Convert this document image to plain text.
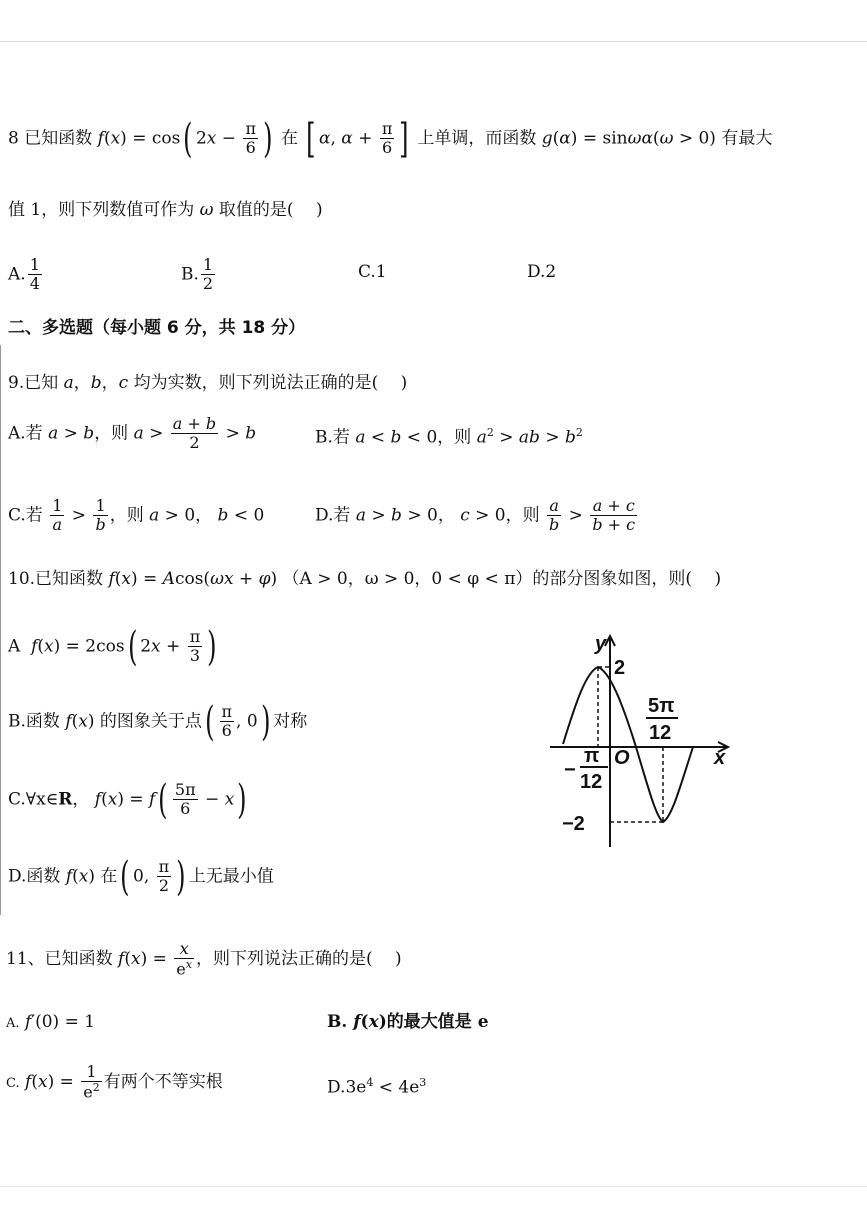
8 已知函数 f(x) = cos( $2x - \frac{\pi}{6}$ ) 在 [ α, $\alpha + \frac{\pi}{6}$ ] 上单调，而函数 g(α) = sinωα(ω > 0) 有最大
值 1，则下列数值可作为 ω 取值的是(　 )
A. $\frac{1}{4}$	B. $\frac{1}{2}$	C.1	D.2
二、多选题（每小题 6 分，共 18 分）
9.已知 a，b，c 均为实数，则下列说法正确的是(　 )
A.若 a > b，则 $a > \frac{a + b}{2} > b$	B.若 a < b < 0，则 $a^2$ > ab > $b^2$
C.若 $\frac{1}{a} > \frac{1}{b}$ ，则 a > 0， b < 0	D.若 a > b > 0， c > 0，则 $\frac{a}{b} > \frac{a + c}{b + c}$
10.已知函数 f(x) = Acos(ωx + φ) （A > 0，ω > 0，0 < φ < π）的部分图象如图，则(　 )
A f(x) = 2cos( $2x + \frac{\pi}{3}$ )
B.函数 f(x) 的图象关于点( $\frac{\pi}{6}$ , 0) 对称
C.∀x∈R， $f(x) = f( \frac{5\pi}{6} - x)$
D.函数 f(x) 在( 0, $\frac{\pi}{2}$ ) 上无最小值
y
x
O
2
−2
−
π
12
5π
12
11、已知函数 $f(x) = \frac{x}{e^x}$ ，则下列说法正确的是(　 )
A. f′(0) = 1	B. f(x)的最大值是 e
C. $f(x) = \frac{1}{e^2}$ 有两个不等实根	$D.3e^4 < 4e^3$
